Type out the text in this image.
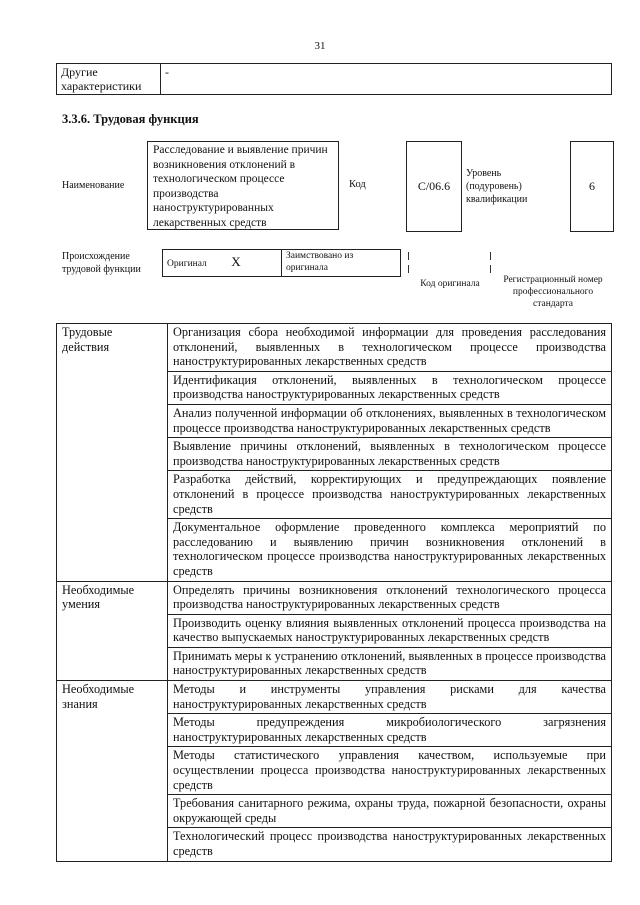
31
Другие характеристики	-
3.3.6. Трудовая функция
Наименование
Расследование и выявление причин возникновения отклонений в технологическом процессе производства наноструктурированных лекарственных средств
Код	C/06.6
Уровень (подуровень) квалификации
6
Происхождение трудовой функции	Оригинал X	Заимствовано из оригинала
Код оригинала	Регистрационный номер профессионального стандарта
Трудовые действия	Организация сбора необходимой информации для проведения расследования отклонений, выявленных в технологическом процессе производства наноструктурированных лекарственных средств
	Идентификация отклонений, выявленных в технологическом процессе производства наноструктурированных лекарственных средств
	Анализ полученной информации об отклонениях, выявленных в технологическом процессе производства наноструктурированных лекарственных средств
	Выявление причины отклонений, выявленных в технологическом процессе производства наноструктурированных лекарственных средств
	Разработка действий, корректирующих и предупреждающих появление отклонений в процессе производства наноструктурированных лекарственных средств
	Документальное оформление проведенного комплекса мероприятий по расследованию и выявлению причин возникновения отклонений в технологическом процессе производства наноструктурированных лекарственных средств
Необходимые умения	Определять причины возникновения отклонений технологического процесса производства наноструктурированных лекарственных средств
	Производить оценку влияния выявленных отклонений процесса производства на качество выпускаемых наноструктурированных лекарственных средств
	Принимать меры к устранению отклонений, выявленных в процессе производства наноструктурированных лекарственных средств
Необходимые знания	Методы и инструменты управления рисками для качества наноструктурированных лекарственных средств
	Методы предупреждения микробиологического загрязнения наноструктурированных лекарственных средств
	Методы статистического управления качеством, используемые при осуществлении процесса производства наноструктурированных лекарственных средств
	Требования санитарного режима, охраны труда, пожарной безопасности, охраны окружающей среды
	Технологический процесс производства наноструктурированных лекарственных средств
